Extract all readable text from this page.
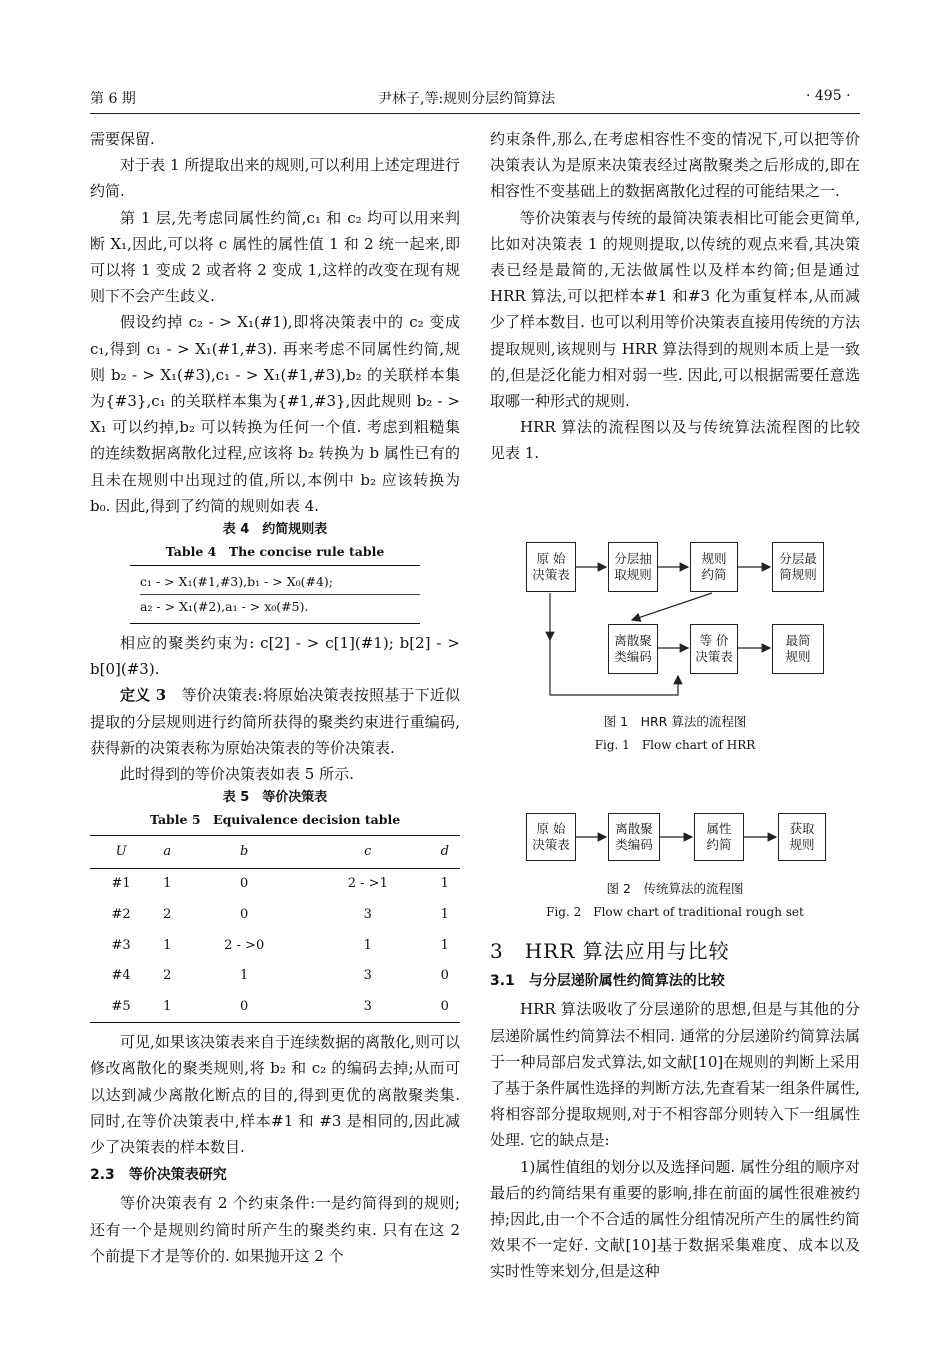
第 6 期	尹林子,等:规则分层约简算法	· 495 ·

需要保留.

对于表 1 所提取出来的规则,可以利用上述定理进行约简.

第 1 层,先考虑同属性约简,c₁ 和 c₂ 均可以用来判断 X₁,因此,可以将 c 属性的属性值 1 和 2 统一起来,即可以将 1 变成 2 或者将 2 变成 1,这样的改变在现有规则下不会产生歧义.

假设约掉 c₂ - > X₁(#1),即将决策表中的 c₂ 变成 c₁,得到 c₁ - > X₁(#1,#3). 再来考虑不同属性约简,规则 b₂ - > X₁(#3),c₁ - > X₁(#1,#3),b₂ 的关联样本集为{#3},c₁ 的关联样本集为{#1,#3},因此规则 b₂ - > X₁ 可以约掉,b₂ 可以转换为任何一个值. 考虑到粗糙集的连续数据离散化过程,应该将 b₂ 转换为 b 属性已有的且未在规则中出现过的值,所以,本例中 b₂ 应该转换为 b₀. 因此,得到了约简的规则如表 4.

表 4　约简规则表

Table 4　The concise rule table

c₁ - > X₁(#1,#3),b₁ - > X₀(#4);
a₂ - > X₁(#2),a₁ - > x₀(#5).

相应的聚类约束为: c[2] - > c[1](#1); b[2] - > b[0](#3).

定义 3　等价决策表:将原始决策表按照基于下近似提取的分层规则进行约简所获得的聚类约束进行重编码,获得新的决策表称为原始决策表的等价决策表.

此时得到的等价决策表如表 5 所示.

表 5　等价决策表

Table 5　Equivalence decision table

U	a	b	c	d
#1	1	0	2 - >1	1
#2	2	0	3	1
#3	1	2 - >0	1	1
#4	2	1	3	0
#5	1	0	3	0

可见,如果该决策表来自于连续数据的离散化,则可以修改离散化的聚类规则,将 b₂ 和 c₂ 的编码去掉;从而可以达到减少离散化断点的目的,得到更优的离散聚类集. 同时,在等价决策表中,样本#1 和 #3 是相同的,因此减少了决策表的样本数目.

2.3　等价决策表研究

等价决策表有 2 个约束条件:一是约简得到的规则;还有一个是规则约简时所产生的聚类约束. 只有在这 2 个前提下才是等价的. 如果抛开这 2 个

约束条件,那么,在考虑相容性不变的情况下,可以把等价决策表认为是原来决策表经过离散聚类之后形成的,即在相容性不变基础上的数据离散化过程的可能结果之一.

等价决策表与传统的最简决策表相比可能会更简单,比如对决策表 1 的规则提取,以传统的观点来看,其决策表已经是最简的,无法做属性以及样本约简;但是通过 HRR 算法,可以把样本#1 和#3 化为重复样本,从而减少了样本数目. 也可以利用等价决策表直接用传统的方法提取规则,该规则与 HRR 算法得到的规则本质上是一致的,但是泛化能力相对弱一些. 因此,可以根据需要任意选取哪一种形式的规则.

HRR 算法的流程图以及与传统算法流程图的比较见表 1.

原 始
决策表
分层抽
取规则
规则
约简
分层最
简规则
离散聚
类编码
等 价
决策表
最简
规则
图 1　HRR 算法的流程图
Fig. 1　Flow chart of HRR
原 始
决策表
离散聚
类编码
属性
约简
获取
规则
图 2　传统算法的流程图
Fig. 2　Flow chart of traditional rough set

3　HRR 算法应用与比较

3.1　与分层递阶属性约简算法的比较

HRR 算法吸收了分层递阶的思想,但是与其他的分层递阶属性约简算法不相同. 通常的分层递阶约简算法属于一种局部启发式算法,如文献[10]在规则的判断上采用了基于条件属性选择的判断方法,先查看某一组条件属性,将相容部分提取规则,对于不相容部分则转入下一组属性处理. 它的缺点是:

1)属性值组的划分以及选择问题. 属性分组的顺序对最后的约简结果有重要的影响,排在前面的属性很难被约掉;因此,由一个不合适的属性分组情况所产生的属性约简效果不一定好. 文献[10]基于数据采集难度、成本以及实时性等来划分,但是这种
